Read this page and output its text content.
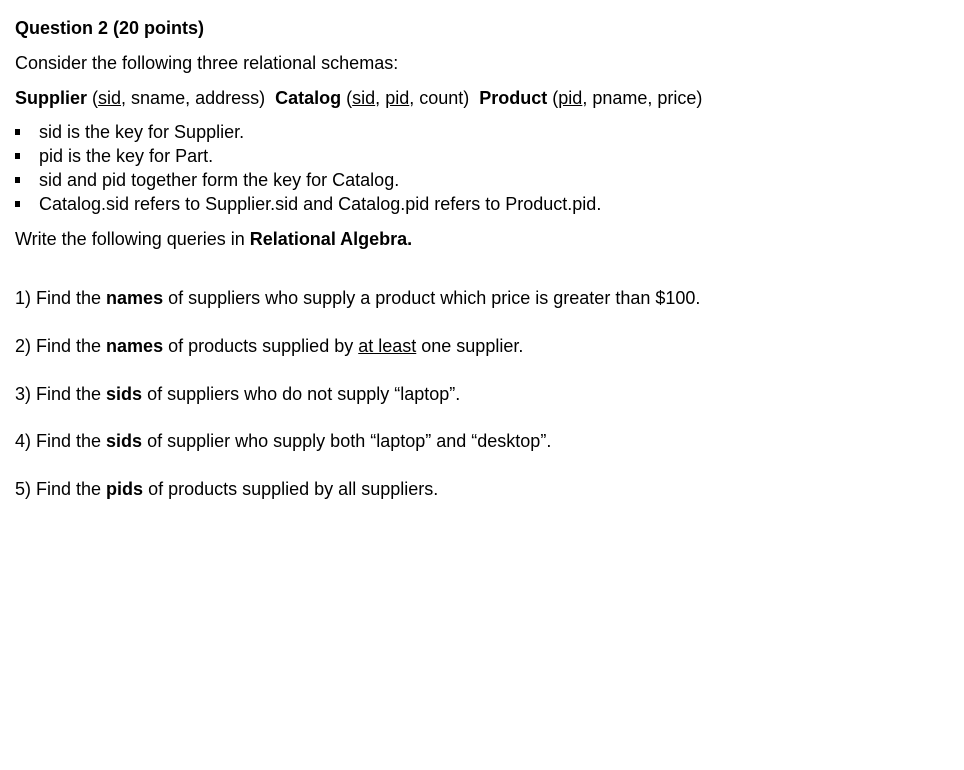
Question 2 (20 points)
Consider the following three relational schemas:
Supplier (sid, sname, address) Catalog (sid, pid, count) Product (pid, pname, price)
sid is the key for Supplier.
pid is the key for Part.
sid and pid together form the key for Catalog.
Catalog.sid refers to Supplier.sid and Catalog.pid refers to Product.pid.
Write the following queries in Relational Algebra.
1) Find the names of suppliers who supply a product which price is greater than $100.
2) Find the names of products supplied by at least one supplier.
3) Find the sids of suppliers who do not supply “laptop”.
4) Find the sids of supplier who supply both “laptop” and “desktop”.
5) Find the pids of products supplied by all suppliers.
